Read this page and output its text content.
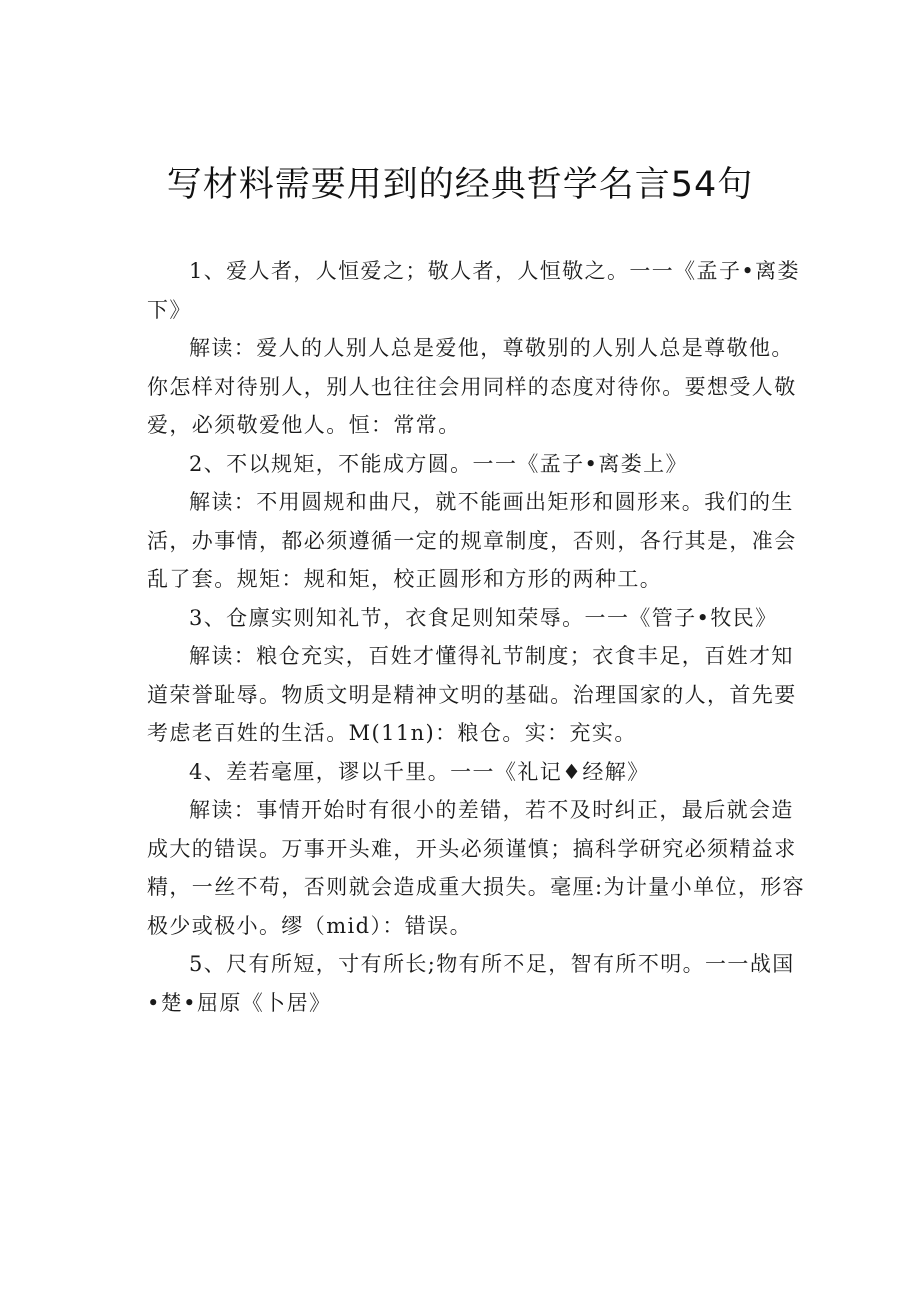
写材料需要用到的经典哲学名言54句

1、爱人者，人恒爱之；敬人者，人恒敬之。一一《孟子•离娄下》

解读：爱人的人别人总是爱他，尊敬别的人别人总是尊敬他。你怎样对待别人，别人也往往会用同样的态度对待你。要想受人敬爱，必须敬爱他人。恒：常常。

2、不以规矩，不能成方圆。一一《孟子•离娄上》

解读：不用圆规和曲尺，就不能画出矩形和圆形来。我们的生活，办事情，都必须遵循一定的规章制度，否则，各行其是，准会乱了套。规矩：规和矩，校正圆形和方形的两种工。

3、仓廪实则知礼节，衣食足则知荣辱。一一《管子•牧民》

解读：粮仓充实，百姓才懂得礼节制度；衣食丰足，百姓才知道荣誉耻辱。物质文明是精神文明的基础。治理国家的人，首先要考虑老百姓的生活。M(11n)：粮仓。实：充实。

4、差若毫厘，谬以千里。一一《礼记♦经解》

解读：事情开始时有很小的差错，若不及时纠正，最后就会造成大的错误。万事开头难，开头必须谨慎；搞科学研究必须精益求精，一丝不苟，否则就会造成重大损失。毫厘:为计量小单位，形容极少或极小。缪（mid）：错误。

5、尺有所短，寸有所长;物有所不足，智有所不明。一一战国•楚•屈原《卜居》
